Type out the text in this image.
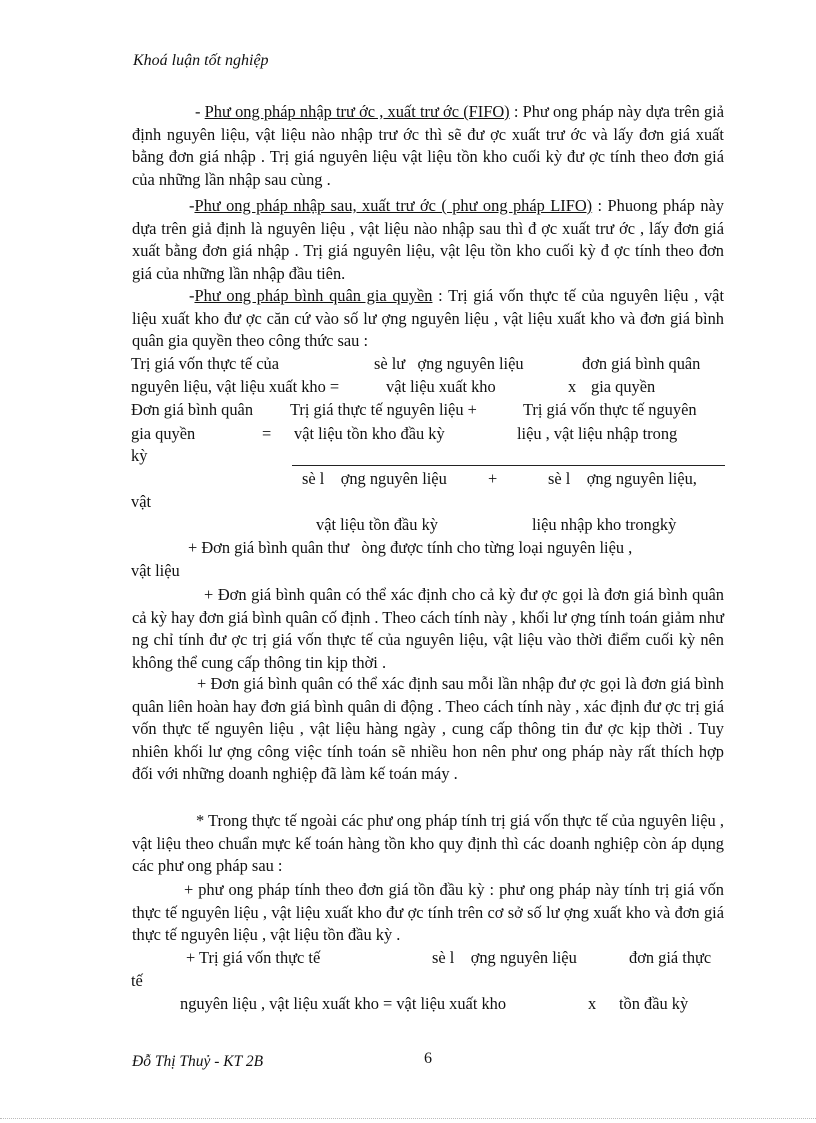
Khoá luận tốt nghiệp

- Phư ong pháp nhập trư ớc , xuất trư ớc (FIFO) : Phư ong pháp này dựa trên giả định nguyên liệu, vật liệu nào nhập trư ớc thì sẽ đư ợc xuất trư ớc và lấy đơn giá xuất bằng đơn giá nhập . Trị giá nguyên liệu vật liệu tồn kho cuối kỳ đư ợc tính theo đơn giá của những lần nhập sau cùng .

-Phư ong pháp nhập sau, xuất trư ớc ( phư ong pháp LIFO) : Phuong pháp này dựa trên giả định là nguyên liệu , vật liệu nào nhập sau thì đ ợc xuất trư ớc , lấy đơn giá xuất bằng đơn giá nhập . Trị giá nguyên liệu, vật lệu tồn kho cuối kỳ đ ợc tính theo đơn giá của những lần nhập đầu tiên.

-Phư ong pháp bình quân gia quyền : Trị giá vốn thực tế của nguyên liệu , vật liệu xuất kho đư ợc căn cứ vào số lư ợng nguyên liệu , vật liệu xuất kho và đơn giá bình quân gia quyền theo công thức sau :

Trị giá vốn thực tế của	sè lư   ợng nguyên liệu	đơn giá bình quân
nguyên liệu, vật liệu xuất kho =	vật liệu xuất kho	x gia quyền
Đơn giá bình quân Trị giá thực tế nguyên liệu +	Trị giá vốn thực tế nguyên
gia quyền	= vật liệu tồn kho đầu kỳ	liệu , vật liệu nhập trong
kỳ
sè l    ợng nguyên liệu	+	sè l    ợng nguyên liệu,
vật
vật liệu tồn đầu kỳ	liệu nhập kho trongkỳ
+ Đơn giá bình quân thư   òng được tính cho từng loại nguyên liệu ,
vật liệu

+ Đơn giá bình quân có thể xác định cho cả kỳ đư ợc gọi là đơn giá bình quân cả kỳ hay đơn giá bình quân cố định . Theo cách tính này , khối lư ợng tính toán giảm như ng chỉ tính đư ợc trị giá vốn thực tế của nguyên liệu, vật liệu vào thời điểm cuối kỳ nên không thể cung cấp thông tin kịp thời .

+ Đơn giá bình quân có thể xác định sau mỗi lần nhập đư ợc gọi là đơn giá bình quân liên hoàn hay đơn giá bình quân di động . Theo cách tính này , xác định đư ợc trị giá vốn thực tế nguyên liệu , vật liệu hàng ngày , cung cấp thông tin đư ợc kịp thời . Tuy nhiên khối lư ợng công việc tính toán sẽ nhiều hon nên phư ong pháp này rất thích hợp đối với những doanh nghiệp đã làm kế toán máy .

* Trong thực tế ngoài các phư ong pháp tính trị giá vốn thực tế của nguyên liệu , vật liệu theo chuẩn mực kế toán hàng tồn kho quy định thì các doanh nghiệp còn áp dụng các phư ong pháp sau :

+ phư ong pháp tính theo đơn giá tồn đầu kỳ : phư ong pháp này tính trị giá vốn thực tế nguyên liệu , vật liệu xuất kho đư ợc tính trên cơ sở số lư ợng xuất kho và đơn giá thực tế nguyên liệu , vật liệu tồn đầu kỳ .

+ Trị giá vốn thực tế	sè l    ợng nguyên liệu	đơn giá thực
tế
nguyên liệu , vật liệu xuất kho = vật liệu xuất kho	x tồn đầu kỳ
Đỗ Thị Thuỷ - KT 2B	6
